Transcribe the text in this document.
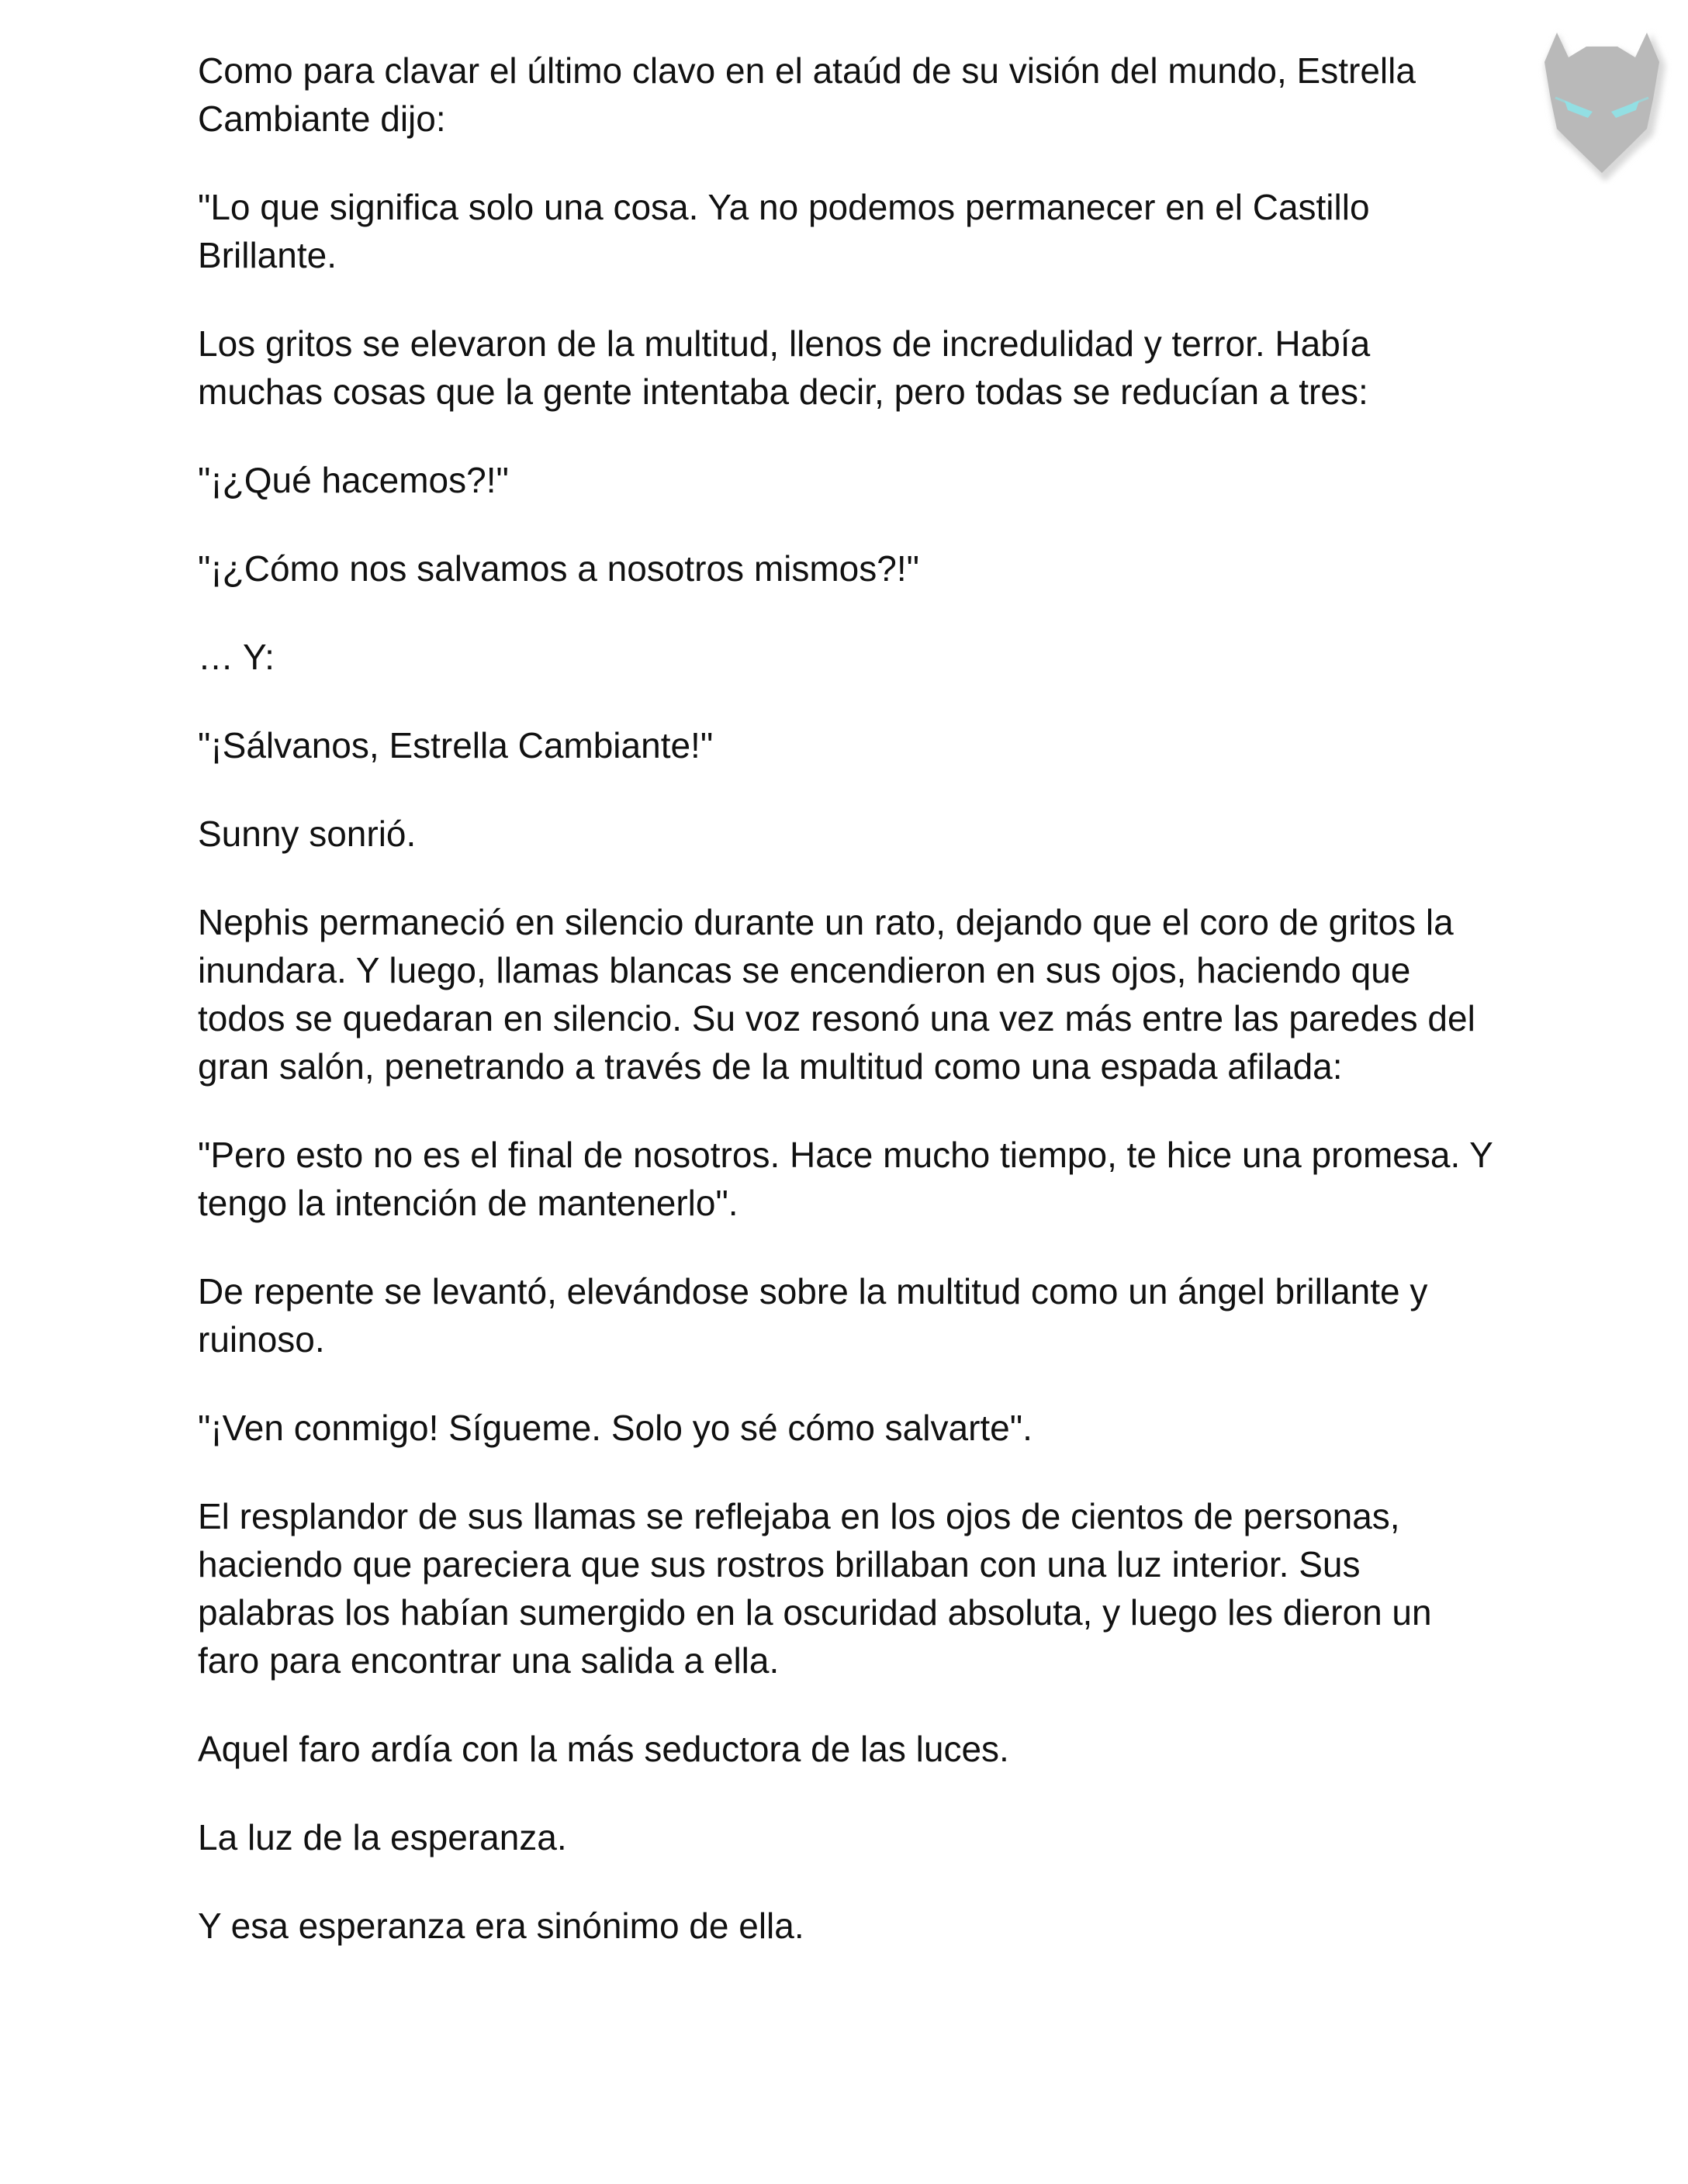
Como para clavar el último clavo en el ataúd de su visión del mundo, Estrella Cambiante dijo:

"Lo que significa solo una cosa. Ya no podemos permanecer en el Castillo Brillante.

Los gritos se elevaron de la multitud, llenos de incredulidad y terror. Había muchas cosas que la gente intentaba decir, pero todas se reducían a tres:

"¡¿Qué hacemos?!"

"¡¿Cómo nos salvamos a nosotros mismos?!"

… Y:

"¡Sálvanos, Estrella Cambiante!"

Sunny sonrió.

Nephis permaneció en silencio durante un rato, dejando que el coro de gritos la inundara. Y luego, llamas blancas se encendieron en sus ojos, haciendo que todos se quedaran en silencio. Su voz resonó una vez más entre las paredes del gran salón, penetrando a través de la multitud como una espada afilada:

"Pero esto no es el final de nosotros. Hace mucho tiempo, te hice una promesa. Y tengo la intención de mantenerlo".

De repente se levantó, elevándose sobre la multitud como un ángel brillante y ruinoso.

"¡Ven conmigo! Sígueme. Solo yo sé cómo salvarte".

El resplandor de sus llamas se reflejaba en los ojos de cientos de personas, haciendo que pareciera que sus rostros brillaban con una luz interior. Sus palabras los habían sumergido en la oscuridad absoluta, y luego les dieron un faro para encontrar una salida a ella.

Aquel faro ardía con la más seductora de las luces.

La luz de la esperanza.

Y esa esperanza era sinónimo de ella.
